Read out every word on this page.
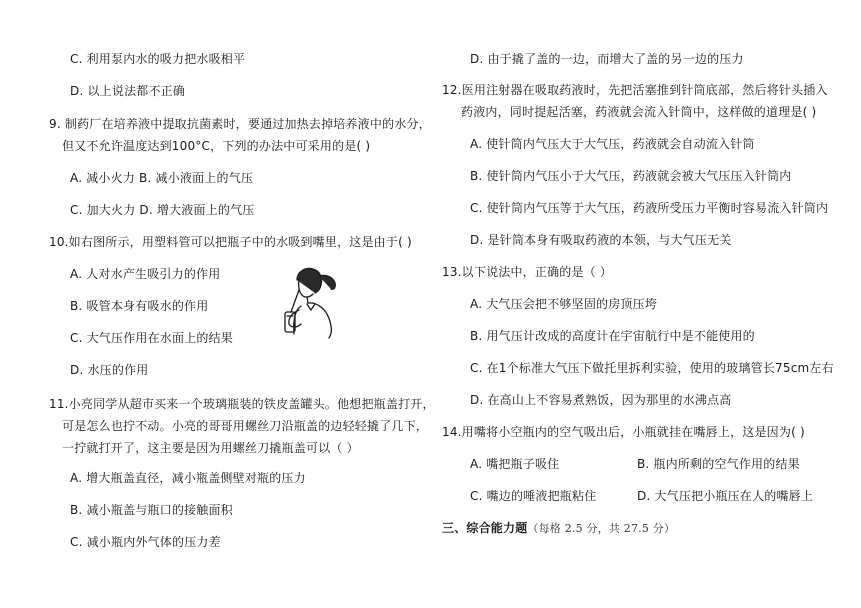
C. 利用泵内水的吸力把水吸相平
D. 以上说法都不正确
9. 制药厂在培养液中提取抗菌素时，要通过加热去掉培养液中的水分，
但又不允许温度达到100°C，下列的办法中可采用的是( )
A. 减小火力 B. 减小液面上的气压
C. 加大火力 D. 增大液面上的气压
10.如右图所示，用塑料管可以把瓶子中的水吸到嘴里，这是由于( )
A. 人对水产生吸引力的作用
B. 吸管本身有吸水的作用
C. 大气压作用在水面上的结果
D. 水压的作用
11.小亮同学从超市买来一个玻璃瓶装的铁皮盖罐头。他想把瓶盖打开，
可是怎么也拧不动。小亮的哥哥用螺丝刀沿瓶盖的边轻轻撬了几下，
一拧就打开了，这主要是因为用螺丝刀撬瓶盖可以（ ）
A. 增大瓶盖直径，减小瓶盖侧壁对瓶的压力
B. 减小瓶盖与瓶口的接触面积
C. 减小瓶内外气体的压力差
D. 由于撬了盖的一边，而增大了盖的另一边的压力
12.医用注射器在吸取药液时，先把活塞推到针筒底部，然后将针头插入
药液内，同时提起活塞，药液就会流入针筒中，这样做的道理是( )
A. 使针筒内气压大于大气压，药液就会自动流入针筒
B. 使针筒内气压小于大气压，药液就会被大气压压入针筒内
C. 使针筒内气压等于大气压，药液所受压力平衡时容易流入针筒内
D. 是针筒本身有吸取药液的本领，与大气压无关
13.以下说法中，正确的是（ ）
A. 大气压会把不够坚固的房顶压垮
B. 用气压计改成的高度计在宇宙航行中是不能使用的
C. 在1个标准大气压下做托里拆利实验，使用的玻璃管长75cm左右
D. 在高山上不容易煮熟饭，因为那里的水沸点高
14.用嘴将小空瓶内的空气吸出后，小瓶就挂在嘴唇上，这是因为( )
A. 嘴把瓶子吸住	B. 瓶内所剩的空气作用的结果
C. 嘴边的唾液把瓶粘住	D. 大气压把小瓶压在人的嘴唇上
三、综合能力题（每格 2.5 分，共 27.5 分）
